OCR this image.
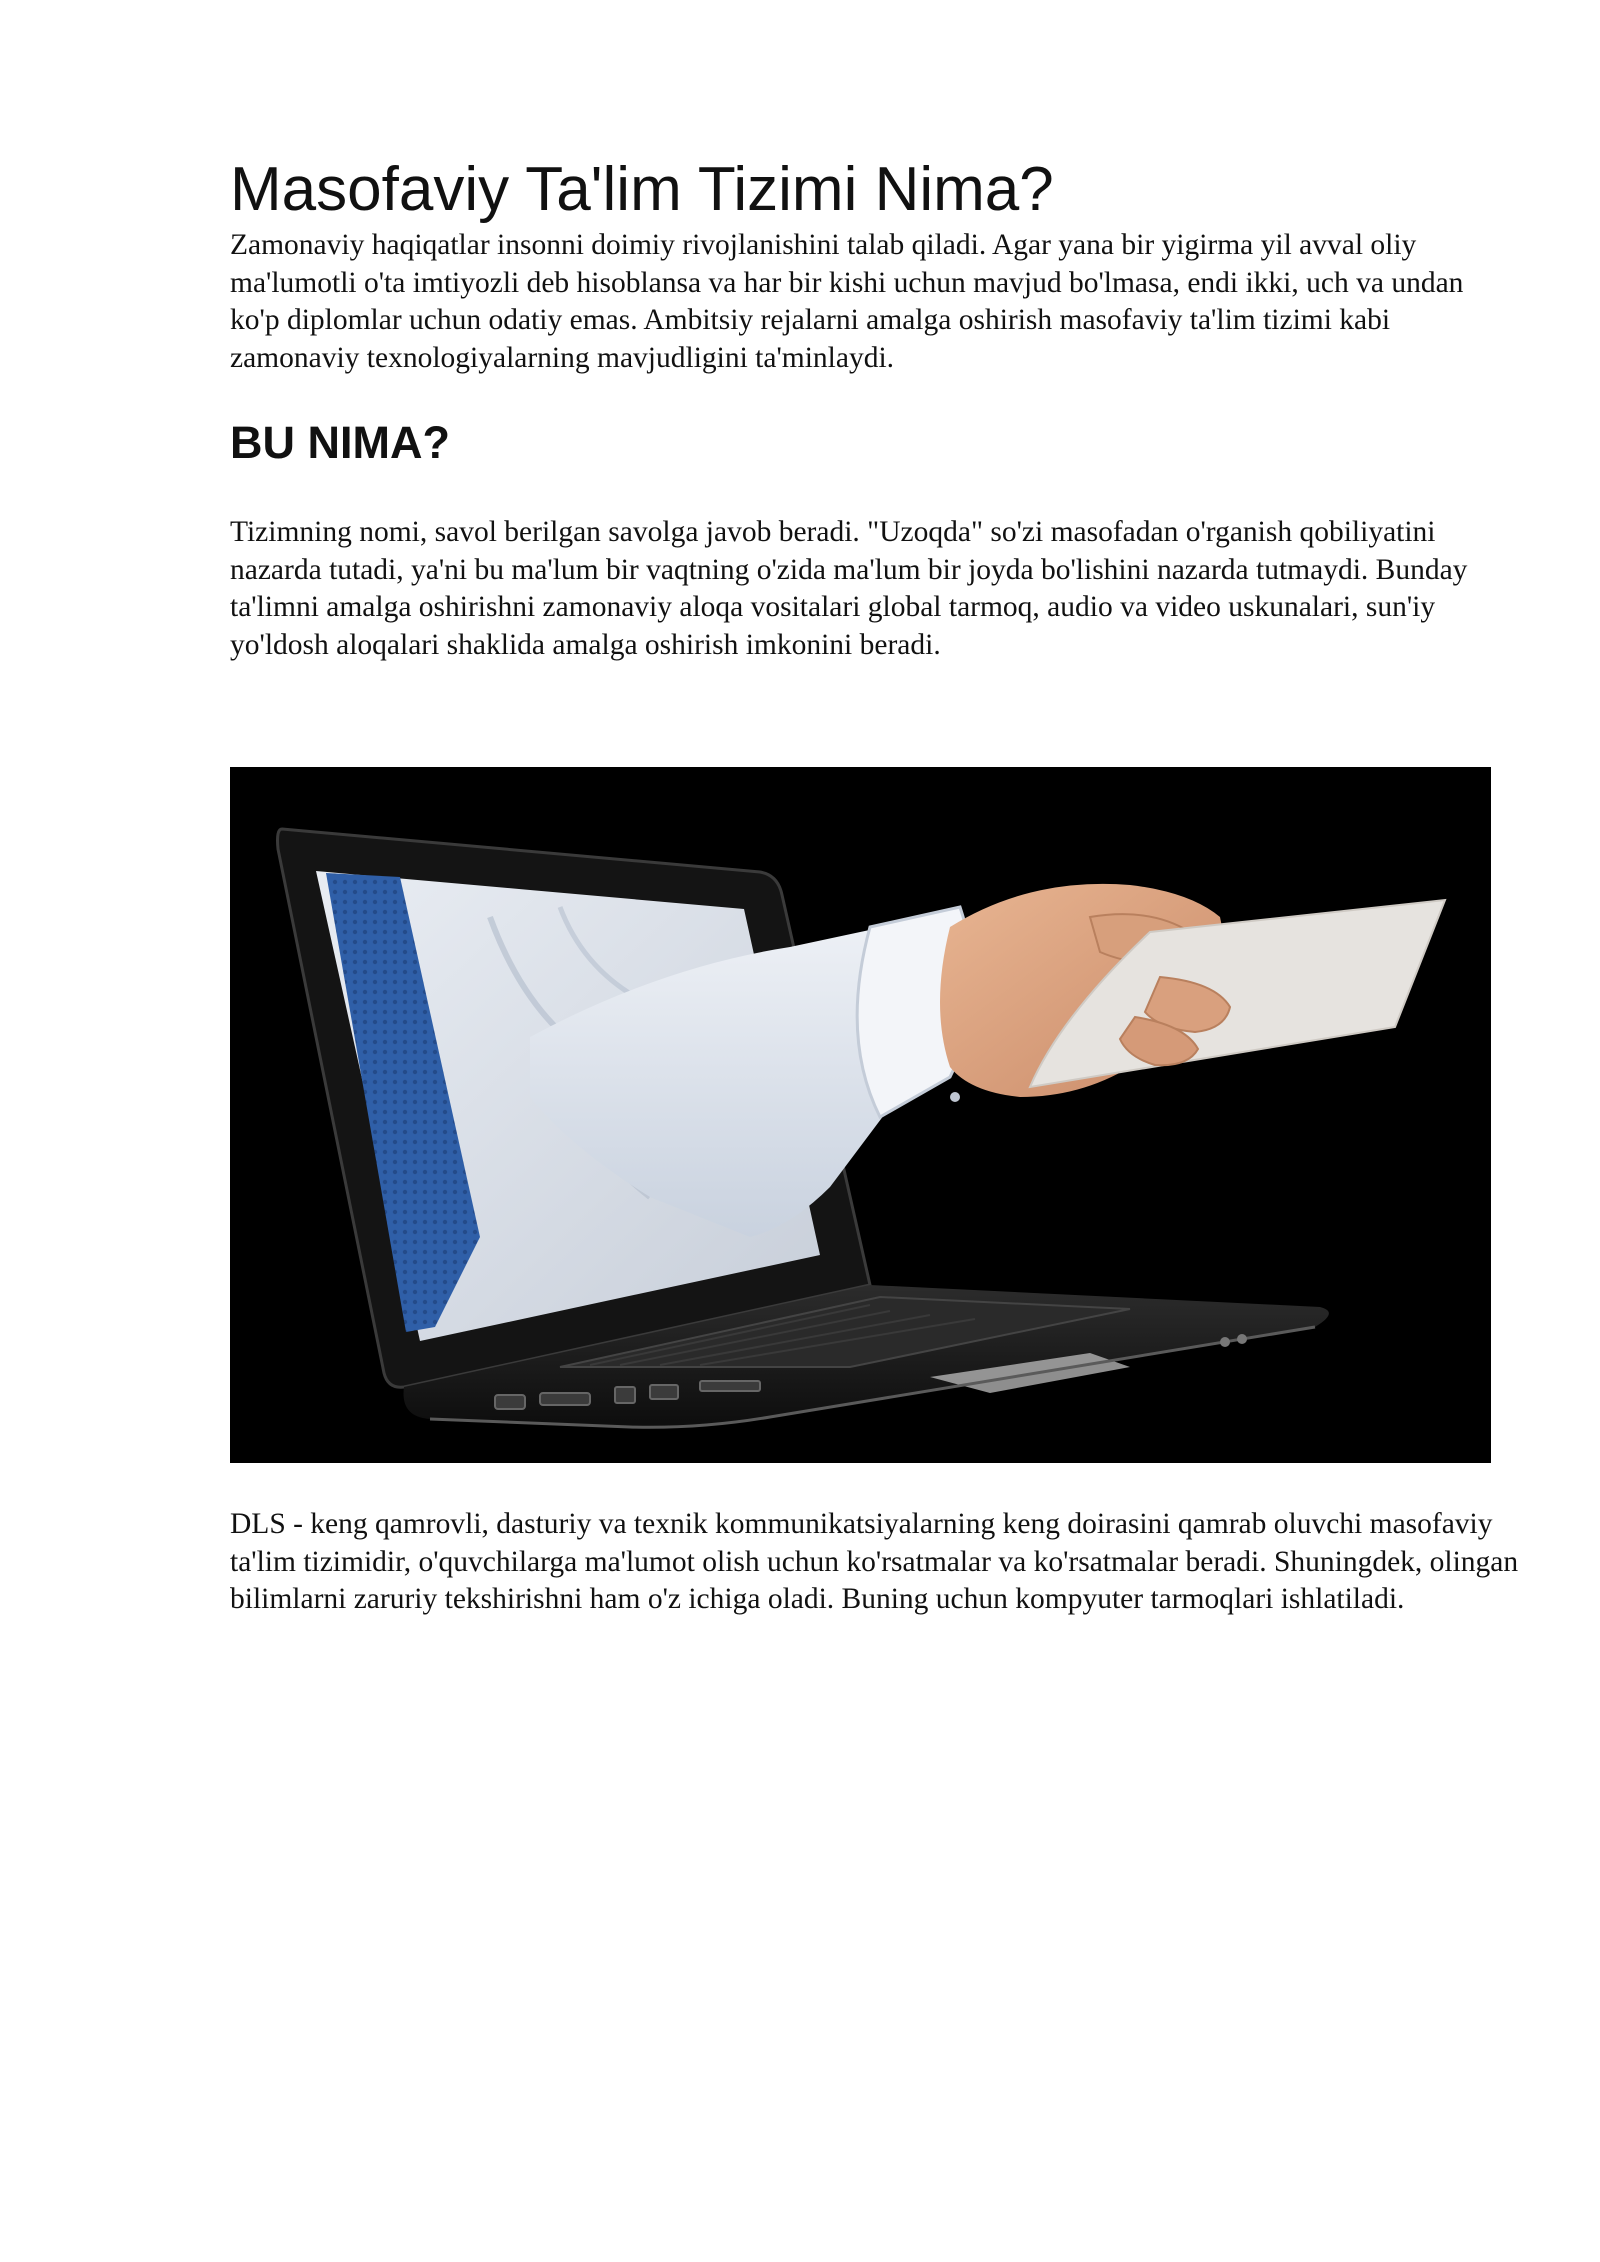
Masofaviy Ta'lim Tizimi Nima?

Zamonaviy haqiqatlar insonni doimiy rivojlanishini talab qiladi. Agar yana bir yigirma yil avval oliy ma'lumotli o'ta imtiyozli deb hisoblansa va har bir kishi uchun mavjud bo'lmasa, endi ikki, uch va undan ko'p diplomlar uchun odatiy emas. Ambitsiy rejalarni amalga oshirish masofaviy ta'lim tizimi kabi zamonaviy texnologiyalarning mavjudligini ta'minlaydi.

BU NIMA?

Tizimning nomi, savol berilgan savolga javob beradi. "Uzoqda" so'zi masofadan o'rganish qobiliyatini nazarda tutadi, ya'ni bu ma'lum bir vaqtning o'zida ma'lum bir joyda bo'lishini nazarda tutmaydi. Bunday ta'limni amalga oshirishni zamonaviy aloqa vositalari global tarmoq, audio va video uskunalari, sun'iy yo'ldosh aloqalari shaklida amalga oshirish imkonini beradi.

DLS - keng qamrovli, dasturiy va texnik kommunikatsiyalarning keng doirasini qamrab oluvchi masofaviy ta'lim tizimidir, o'quvchilarga ma'lumot olish uchun ko'rsatmalar va ko'rsatmalar beradi. Shuningdek, olingan bilimlarni zaruriy tekshirishni ham o'z ichiga oladi. Buning uchun kompyuter tarmoqlari ishlatiladi.
